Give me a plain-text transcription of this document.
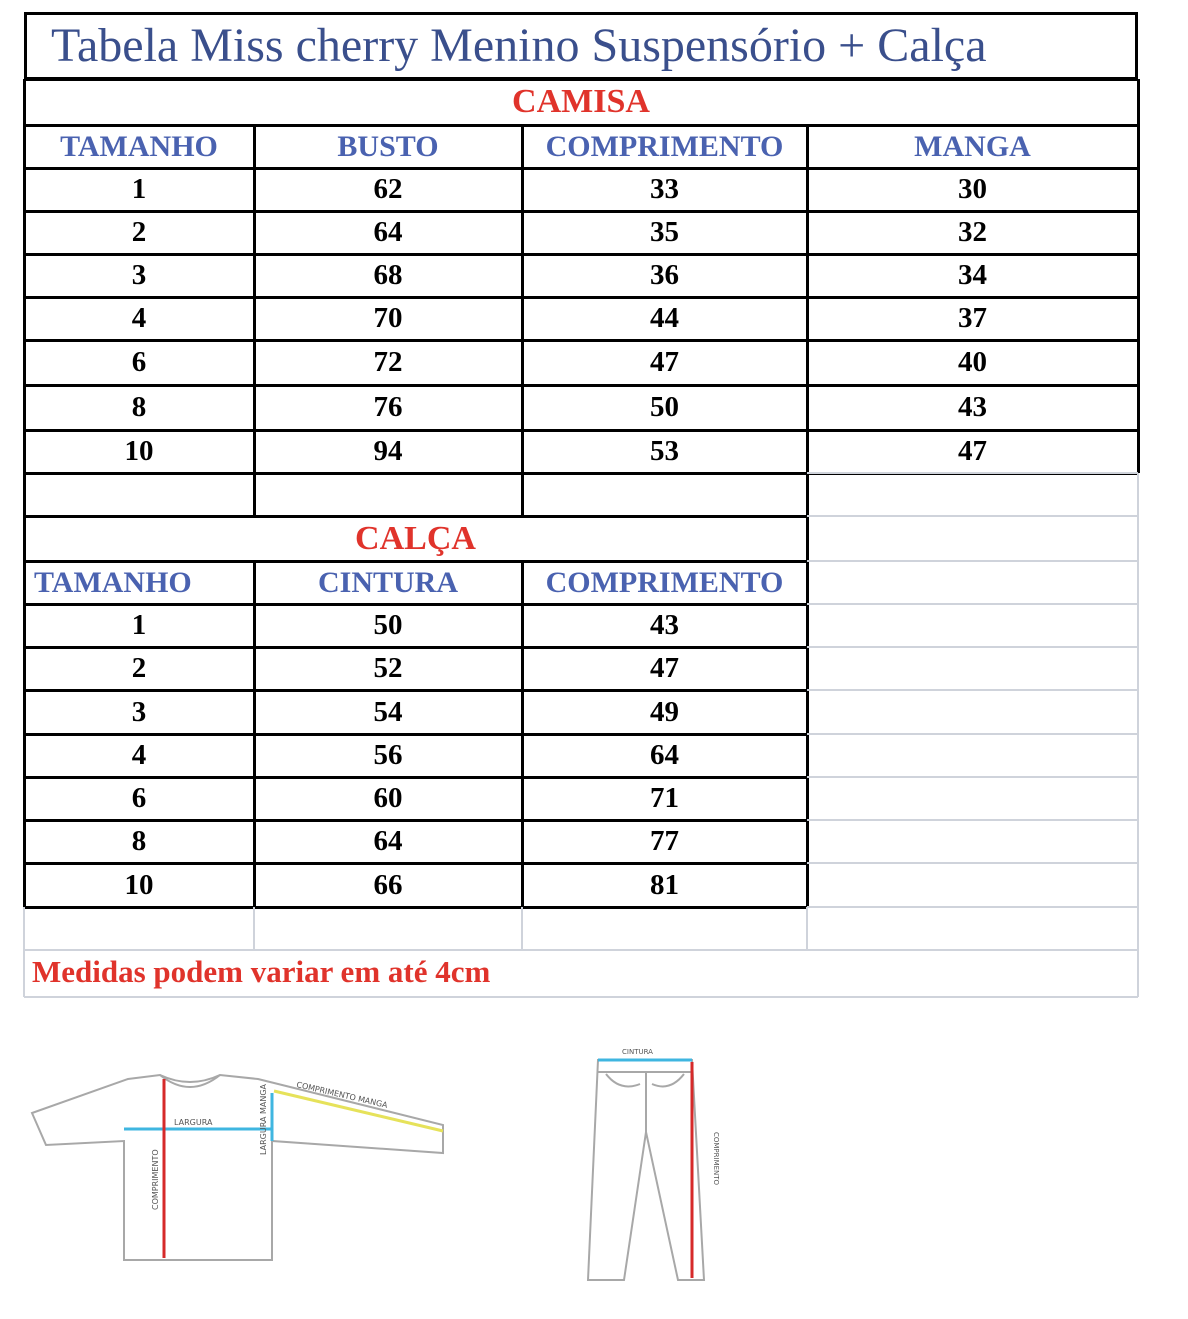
Tabela Miss cherry Menino Suspensório + Calça
CAMISA
TAMANHO	BUSTO	COMPRIMENTO	MANGA
1	62	33	30
2	64	35	32
3	68	36	34
4	70	44	37
6	72	47	40
8	76	50	43
10	94	53	47
CALÇA
TAMANHO	CINTURA	COMPRIMENTO
1	50	43
2	52	47
3	54	49
4	56	64
6	60	71
8	64	77
10	66	81
Medidas podem variar em até 4cm
LARGURA
COMPRIMENTO
LARGURA MANGA	COMPRIMENTO MANGA
CINTURA
COMPRIMENTO
